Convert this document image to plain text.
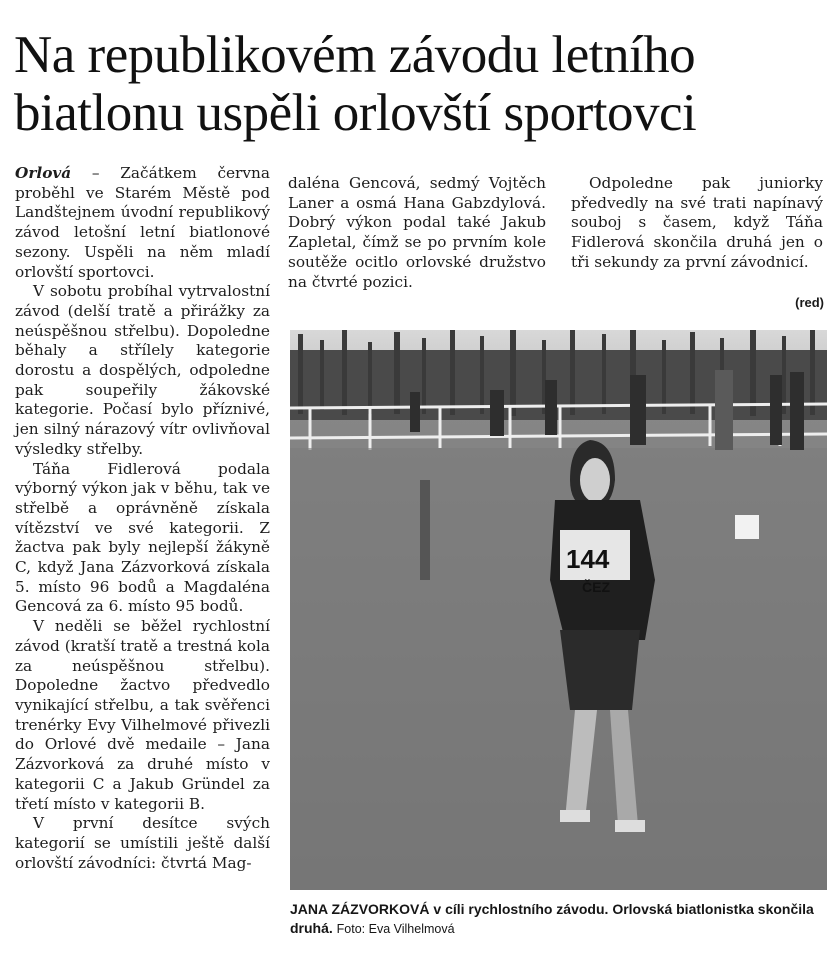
Na republikovém závodu letního
biatlonu uspěli orlovští sportovci

Orlová – Začátkem června proběhl ve Starém Městě pod Landštejnem úvodní republikový závod letošní letní biatlonové sezony. Uspěli na něm mladí orlovští sportovci.

V sobotu probíhal vytrvalostní závod (delší tratě a přirážky za neúspěšnou střelbu). Dopoledne běhaly a střílely kategorie dorostu a dospělých, odpoledne pak soupeřily žákovské kategorie. Počasí bylo příznivé, jen silný nárazový vítr ovlivňoval výsledky střelby.

Táňa Fidlerová podala výborný výkon jak v běhu, tak ve střelbě a oprávněně získala vítězství ve své kategorii. Z žactva pak byly nejlepší žákyně C, když Jana Zázvorková získala 5. místo 96 bodů a Magdaléna Gencová za 6. místo 95 bodů.

V neděli se běžel rychlostní závod (kratší tratě a trestná kola za neúspěšnou střelbu). Dopoledne žactvo předvedlo vynikající střelbu, a tak svěřenci trenérky Evy Vilhelmové přivezli do Orlové dvě medaile – Jana Zázvorková za druhé místo v kategorii C a Jakub Gründel za třetí místo v kategorii B.

V první desítce svých kategorií se umístili ještě další orlovští závodníci: čtvrtá Mag-

daléna Gencová, sedmý Vojtěch Laner a osmá Hana Gabzdylová. Dobrý výkon podal také Jakub Zapletal, čímž se po prvním kole soutěže ocitlo orlovské družstvo na čtvrté pozici.

Odpoledne pak juniorky předvedly na své trati napínavý souboj s časem, když Táňa Fidlerová skončila druhá jen o tři sekundy za první závodnicí.

(red)
144
ČEZ
JANA ZÁZVORKOVÁ v cíli rychlostního závodu. Orlovská biatlonistka skončila druhá. Foto: Eva Vilhelmová
